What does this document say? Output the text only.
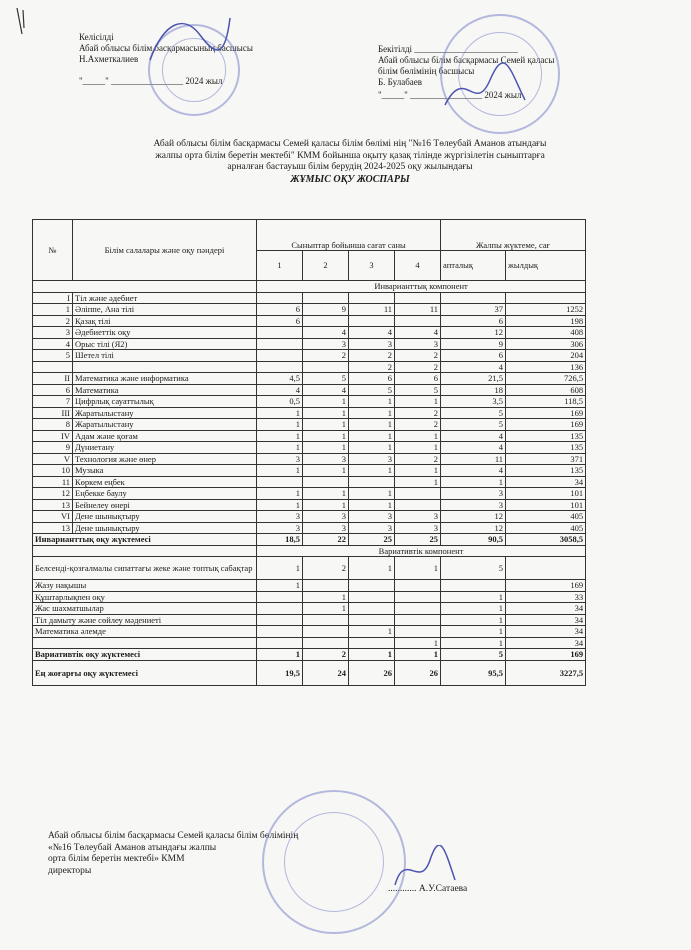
Келісілді
Абай облысы білім басқармасының басшысы
Н.Ахметкалиев
"_____" ________________ 2024 жыл
Бекітілді _______________________
Абай облысы білім басқармасы Семей қаласы
білім бөлімінің басшысы
Б. Булабаев
"_____" ________________ 2024 жыл
Абай облысы білім басқармасы Семей қаласы білім бөлімі нің "№16 Төлеубай Аманов атындағы
жалпы орта білім беретін мектебі" КММ бойынша оқыту қазақ тілінде жүргізілетін сыныптарға
арналған бастауыш білім берудің 2024-2025 оқу жылындағы
ЖҰМЫС ОҚУ ЖОСПАРЫ
№	Білім салалары және оқу пәндері	Сыныптар бойынша сағат саны				Жалпы жүктеме, сағ	
		1	2	3	4	апталық	жылдық
		Инварианттық компонент					
I	Тіл және әдебиет						
1	Әліппе, Ана тілі	6	9	11	11	37	1252
2	Қазақ тілі	6				6	198
3	Әдебиеттік оқу		4	4	4	12	408
4	Орыс тілі (Я2)		3	3	3	9	306
5	Шетел тілі		2	2	2	6	204
				2	2	4	136
II	Математика және информатика	4,5	5	6	6	21,5	726,5
6	Математика	4	4	5	5	18	608
7	Цифрлық сауаттылық	0,5	1	1	1	3,5	118,5
III	Жаратылыстану	1	1	1	2	5	169
8	Жаратылыстану	1	1	1	2	5	169
IV	Адам және қоғам	1	1	1	1	4	135
9	Дүниетану	1	1	1	1	4	135
V	Технология және өнер	3	3	3	2	11	371
10	Музыка	1	1	1	1	4	135
11	Көркем еңбек				1	1	34
12	Еңбекке баулу	1	1	1		3	101
13	Бейнелеу өнері	1	1	1		3	101
VI	Дене шынықтыру	3	3	3	3	12	405
13	Дене шынықтыру	3	3	3	3	12	405
Инварианттық оқу жүктемесі		18,5	22	25	25	90,5	3058,5
		Вариативтік компонент					
Белсенді-қозғалмалы сипаттағы жеке және топтық сабақтар		1	2	1	1	5	
Жазу нақышы		1					169
Құштарлықпен оқу			1			1	33
Жас шахматшылар			1			1	34
Тіл дамыту және сөйлеу мәдениеті						1	34
Математика әлемде				1		1	34
					1	1	34
Вариативтік оқу жүктемесі		1	2	1	1	5	169
Ең жоғарғы оқу жүктемесі		19,5	24	26	26	95,5	3227,5
Абай облысы білім басқармасы Семей қаласы білім бөлімінің
«№16 Төлеубай Аманов атындағы жалпы
орта білім беретін мектебі» КММ
директоры
............ А.У.Сатаева
